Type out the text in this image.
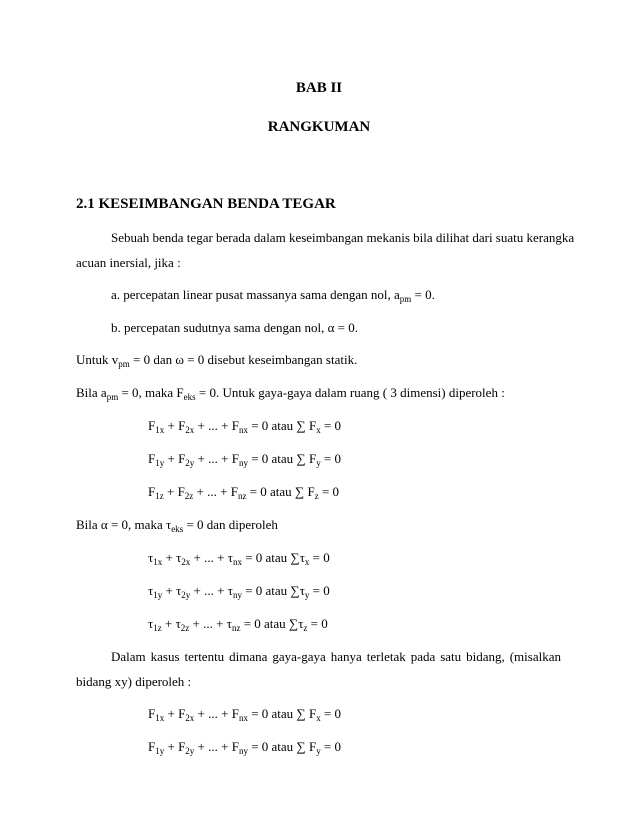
BAB II
RANGKUMAN
2.1 KESEIMBANGAN BENDA TEGAR
Sebuah benda tegar berada dalam keseimbangan mekanis bila dilihat dari suatu kerangka
acuan inersial, jika :
a. percepatan linear pusat massanya sama dengan nol, $a_{pm} = 0$.
b. percepatan sudutnya sama dengan nol, α = 0.
Untuk $v_{pm} = 0$ dan ω = 0 disebut keseimbangan statik.
Bila $a_{pm} = 0$, maka $F_{eks} = 0$. Untuk gaya-gaya dalam ruang ( 3 dimensi) diperoleh :
$F_{1x} + F_{2x}$ + ... + $F_{nx} = 0$ atau ∑ $F_x = 0$
$F_{1y} + F_{2y}$ + ... + $F_{ny} = 0$ atau ∑ $F_y = 0$
$F_{1z} + F_{2z}$ + ... + $F_{nz} = 0$ atau ∑ $F_z = 0$
Bila α = 0, maka $\tau_{eks} = 0$ dan diperoleh
$\tau_{1x} + \tau_{2x}$ + ... + $\tau_{nx} = 0$ atau $\sum\tau_x = 0$
$\tau_{1y} + \tau_{2y}$ + ... + $\tau_{ny} = 0$ atau $\sum\tau_y = 0$
$\tau_{1z} + \tau_{2z}$ + ... + $\tau_{nz} = 0$ atau $\sum\tau_z = 0$
Dalam kasus tertentu dimana gaya-gaya hanya terletak pada satu bidang, (misalkan
bidang xy) diperoleh :
$F_{1x} + F_{2x}$ + ... + $F_{nx} = 0$ atau ∑ $F_x = 0$
$F_{1y} + F_{2y}$ + ... + $F_{ny} = 0$ atau ∑ $F_y = 0$
